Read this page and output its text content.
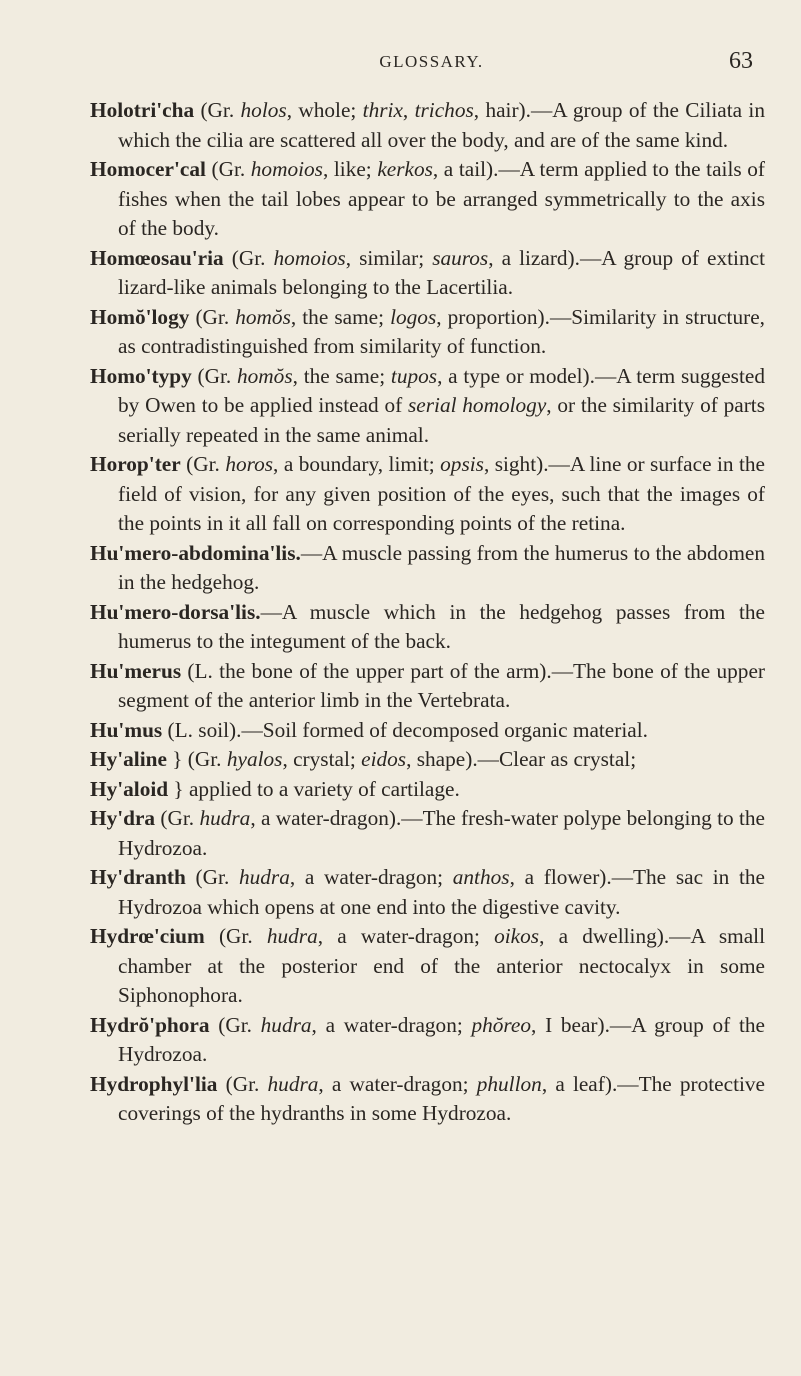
GLOSSARY.	63

Holotri'cha (Gr. holos, whole; thrix, trichos, hair).—A group of the Ciliata in which the cilia are scattered all over the body, and are of the same kind.

Homocer'cal (Gr. homoios, like; kerkos, a tail).—A term applied to the tails of fishes when the tail lobes appear to be arranged symmetrically to the axis of the body.

Homœosau'ria (Gr. homoios, similar; sauros, a lizard).—A group of extinct lizard-like animals belonging to the Lacertilia.

Homŏ'logy (Gr. homŏs, the same; logos, proportion).—Similarity in structure, as contradistinguished from similarity of function.

Homo'typy (Gr. homŏs, the same; tupos, a type or model).—A term suggested by Owen to be applied instead of serial homology, or the similarity of parts serially repeated in the same animal.

Horop'ter (Gr. horos, a boundary, limit; opsis, sight).—A line or surface in the field of vision, for any given position of the eyes, such that the images of the points in it all fall on corresponding points of the retina.

Hu'mero-abdomina'lis.—A muscle passing from the humerus to the abdomen in the hedgehog.

Hu'mero-dorsa'lis.—A muscle which in the hedgehog passes from the humerus to the integument of the back.

Hu'merus (L. the bone of the upper part of the arm).—The bone of the upper segment of the anterior limb in the Vertebrata.

Hu'mus (L. soil).—Soil formed of decomposed organic material.

Hy'aline } (Gr. hyalos, crystal; eidos, shape).—Clear as crystal;

Hy'aloid } applied to a variety of cartilage.

Hy'dra (Gr. hudra, a water-dragon).—The fresh-water polype belonging to the Hydrozoa.

Hy'dranth (Gr. hudra, a water-dragon; anthos, a flower).—The sac in the Hydrozoa which opens at one end into the digestive cavity.

Hydrœ'cium (Gr. hudra, a water-dragon; oikos, a dwelling).—A small chamber at the posterior end of the anterior nectocalyx in some Siphonophora.

Hydrŏ'phora (Gr. hudra, a water-dragon; phŏreo, I bear).—A group of the Hydrozoa.

Hydrophyl'lia (Gr. hudra, a water-dragon; phullon, a leaf).—The protective coverings of the hydranths in some Hydrozoa.
